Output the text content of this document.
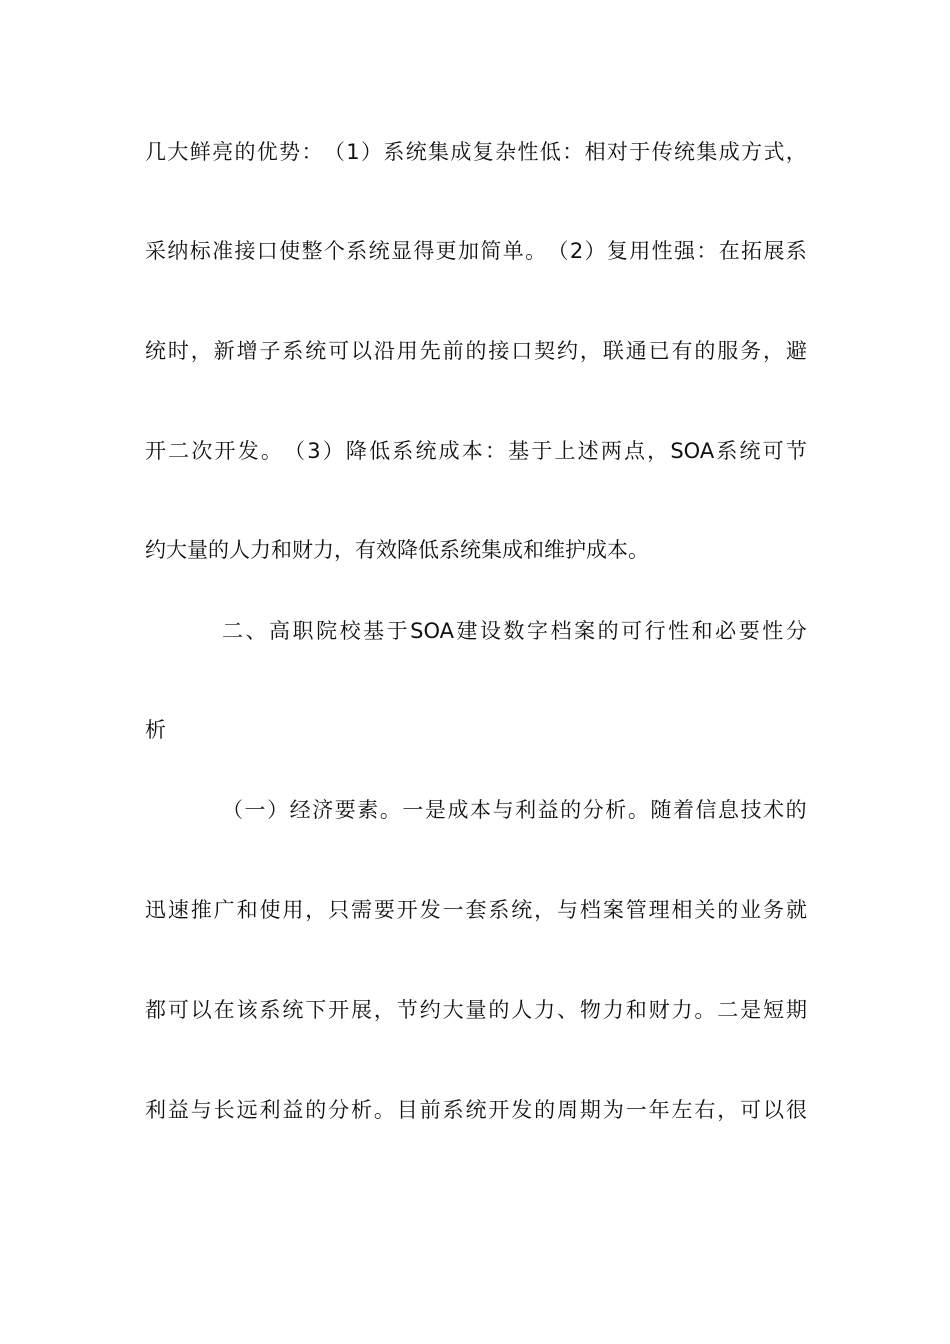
几 大 鲜 亮 的 优 势 ： （ 1 ） 系 统 集 成 复 杂 性 低 ： 相 对 于 传 统 集 成 方 式 ，
采 纳 标 准 接 口 使 整 个 系 统 显 得 更 加 简 单 。 （ 2 ） 复 用 性 强 ： 在 拓 展 系
统 时 ， 新 增 子 系 统 可 以 沿 用 先 前 的 接 口 契 约 ， 联 通 已 有 的 服 务 ， 避
开 二 次 开 发 。 （ 3 ） 降 低 系 统 成 本 ： 基 于 上 述 两 点 ， SOA 系 统 可 节
约大量的人力和财力，有效降低系统集成和维护成本。
二 、 高 职 院 校 基 于 SOA 建 设 数 字 档 案 的 可 行 性 和 必 要 性 分
析
（ 一 ） 经 济 要 素 。 一 是 成 本 与 利 益 的 分 析 。 随 着 信 息 技 术 的
迅 速 推 广 和 使 用 ， 只 需 要 开 发 一 套 系 统 ， 与 档 案 管 理 相 关 的 业 务 就
都 可 以 在 该 系 统 下 开 展 ， 节 约 大 量 的 人 力 、 物 力 和 财 力 。 二 是 短 期
利 益 与 长 远 利 益 的 分 析 。 目 前 系 统 开 发 的 周 期 为 一 年 左 右 ， 可 以 很
